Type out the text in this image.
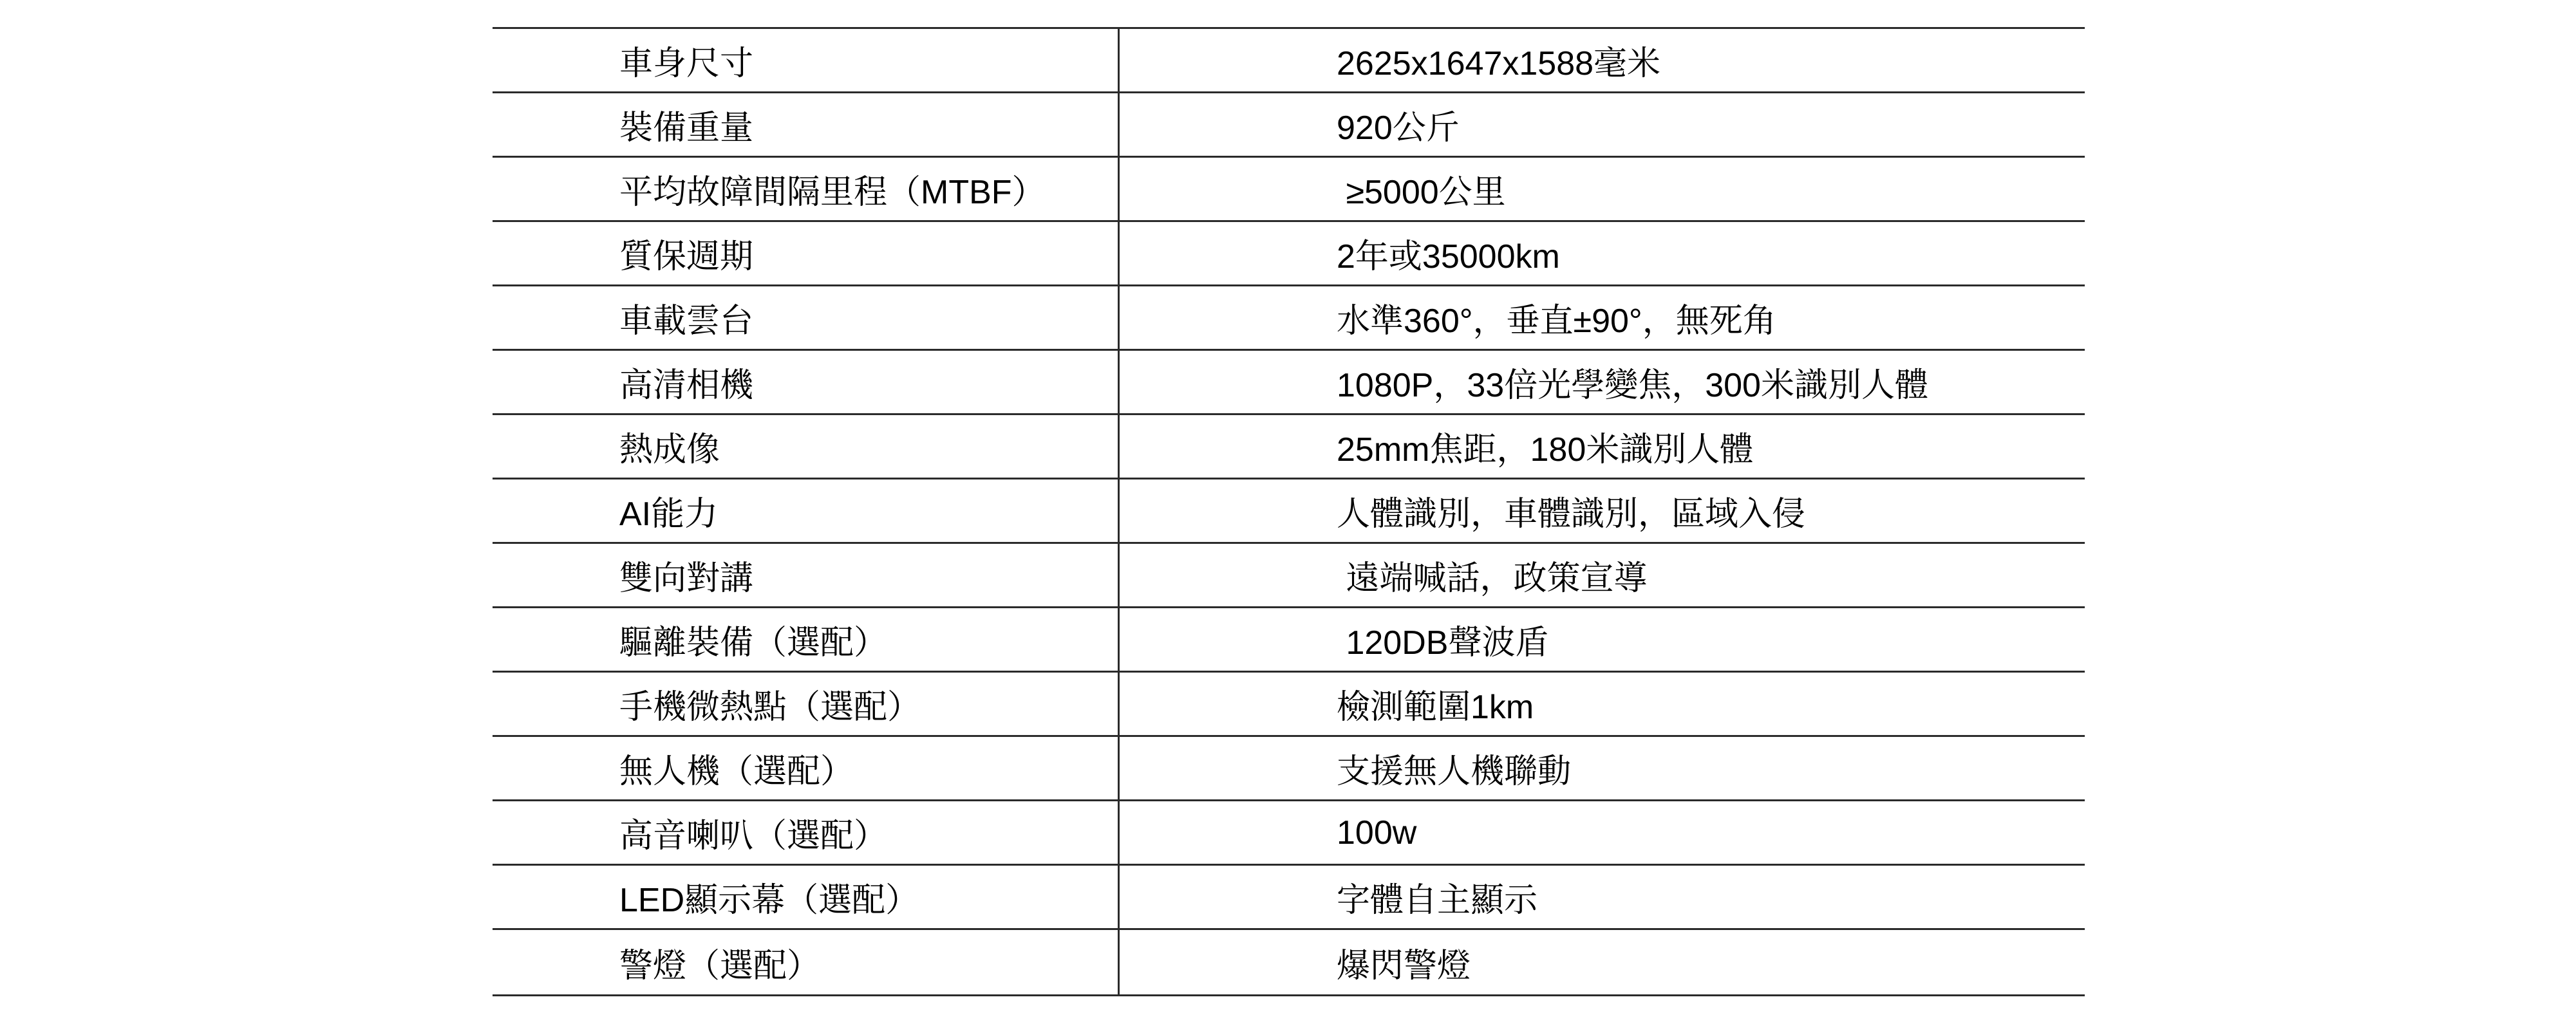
車身尺寸	2625x1647x1588毫米
裝備重量	920公斤
平均故障間隔里程（MTBF）	≥5000公里
質保週期	2年或35000km
車載雲台	水準360°，垂直±90°，無死角
高清相機	1080P，33倍光學變焦，300米識別人體
熱成像	25mm焦距，180米識別人體
AI能力	人體識別，車體識別，區域入侵
雙向對講	遠端喊話，政策宣導
驅離裝備（選配）	120DB聲波盾
手機微熱點（選配）	檢測範圍1km
無人機（選配）	支援無人機聯動
高音喇叭（選配）	100w
LED顯示幕（選配）	字體自主顯示
警燈（選配）	爆閃警燈
